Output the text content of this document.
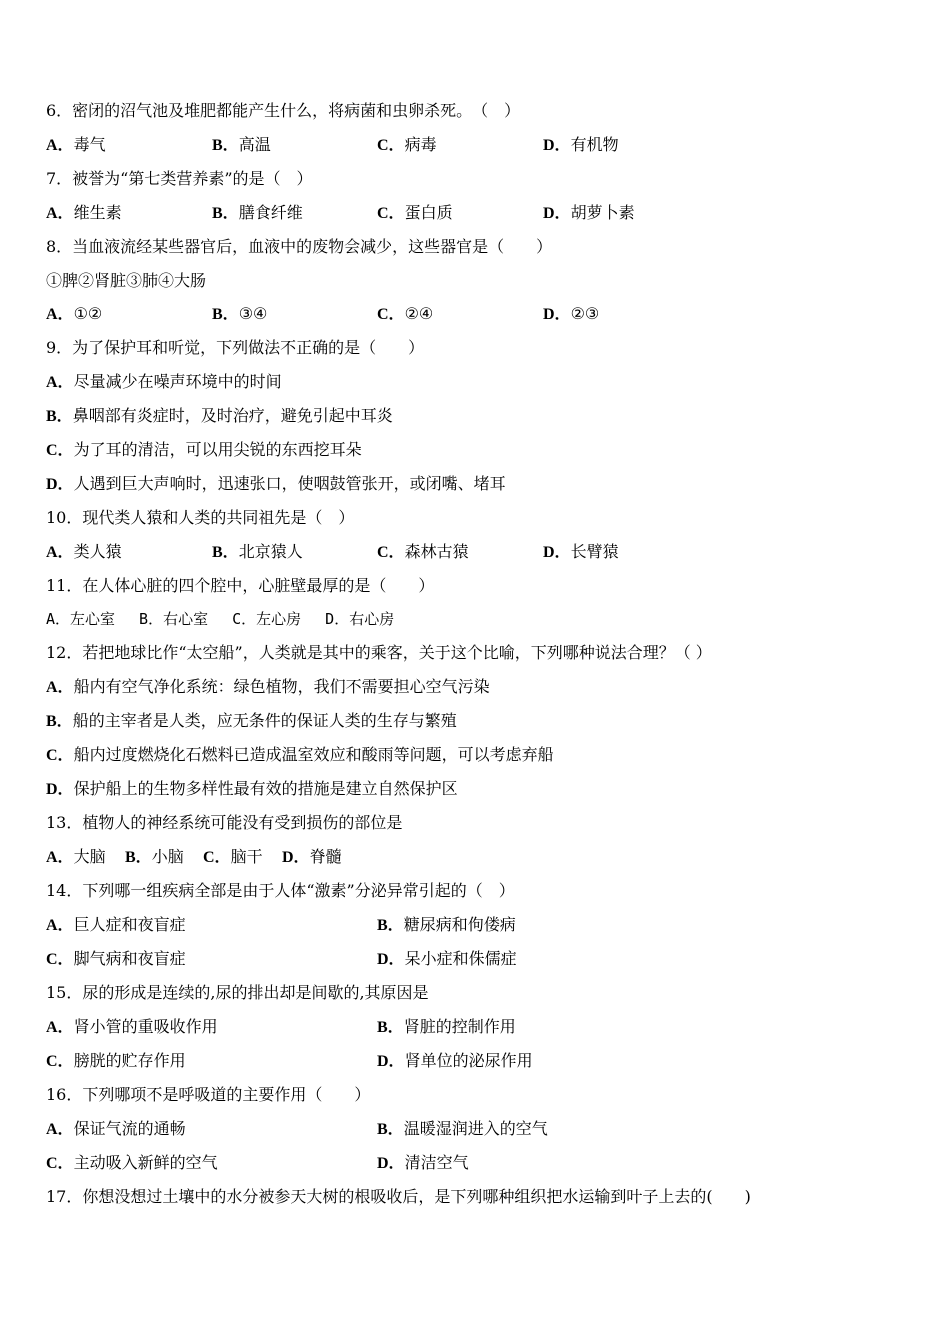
6．密闭的沼气池及堆肥都能产生什么，将病菌和虫卵杀死。　（　）
A．毒气	B．高温	C．病毒	D．有机物
7．被誉为“第七类营养素”的是（　）
A．维生素	B．膳食纤维	C．蛋白质	D．胡萝卜素
8．当血液流经某些器官后，血液中的废物会减少，这些器官是（　　）
①脾②肾脏③肺④大肠
A．①②	B．③④	C．②④	D．②③
9．为了保护耳和听觉，下列做法不正确的是（　　）
A．尽量减少在噪声环境中的时间
B．鼻咽部有炎症时，及时治疗，避免引起中耳炎
C．为了耳的清洁，可以用尖锐的东西挖耳朵
D．人遇到巨大声响时，迅速张口，使咽鼓管张开，或闭嘴、堵耳
10．现代类人猿和人类的共同祖先是（　）
A．类人猿	B．北京猿人	C．森林古猿	D．长臂猿
11．在人体心脏的四个腔中，心脏壁最厚的是（　　）
A．左心室　 B．右心室　 C．左心房　 D．右心房
12．若把地球比作“太空船”，人类就是其中的乘客，关于这个比喻，下列哪种说法合理？（ ）
A．船内有空气净化系统：绿色植物，我们不需要担心空气污染
B．船的主宰者是人类，应无条件的保证人类的生存与繁殖
C．船内过度燃烧化石燃料已造成温室效应和酸雨等问题，可以考虑弃船
D．保护船上的生物多样性最有效的措施是建立自然保护区
13．植物人的神经系统可能没有受到损伤的部位是
A．大脑 B．小脑 C．脑干 D．脊髓
14．下列哪一组疾病全部是由于人体“激素”分泌异常引起的（　）
A．巨人症和夜盲症	B．糖尿病和佝偻病
C．脚气病和夜盲症	D．呆小症和侏儒症
15．尿的形成是连续的,尿的排出却是间歇的,其原因是
A．肾小管的重吸收作用	B．肾脏的控制作用
C．膀胱的贮存作用	D．肾单位的泌尿作用
16．下列哪项不是呼吸道的主要作用（　　）
A．保证气流的通畅	B．温暖湿润进入的空气
C．主动吸入新鲜的空气	D．清洁空气
17．你想没想过土壤中的水分被参天大树的根吸收后，是下列哪种组织把水运输到叶子上去的(　　)
